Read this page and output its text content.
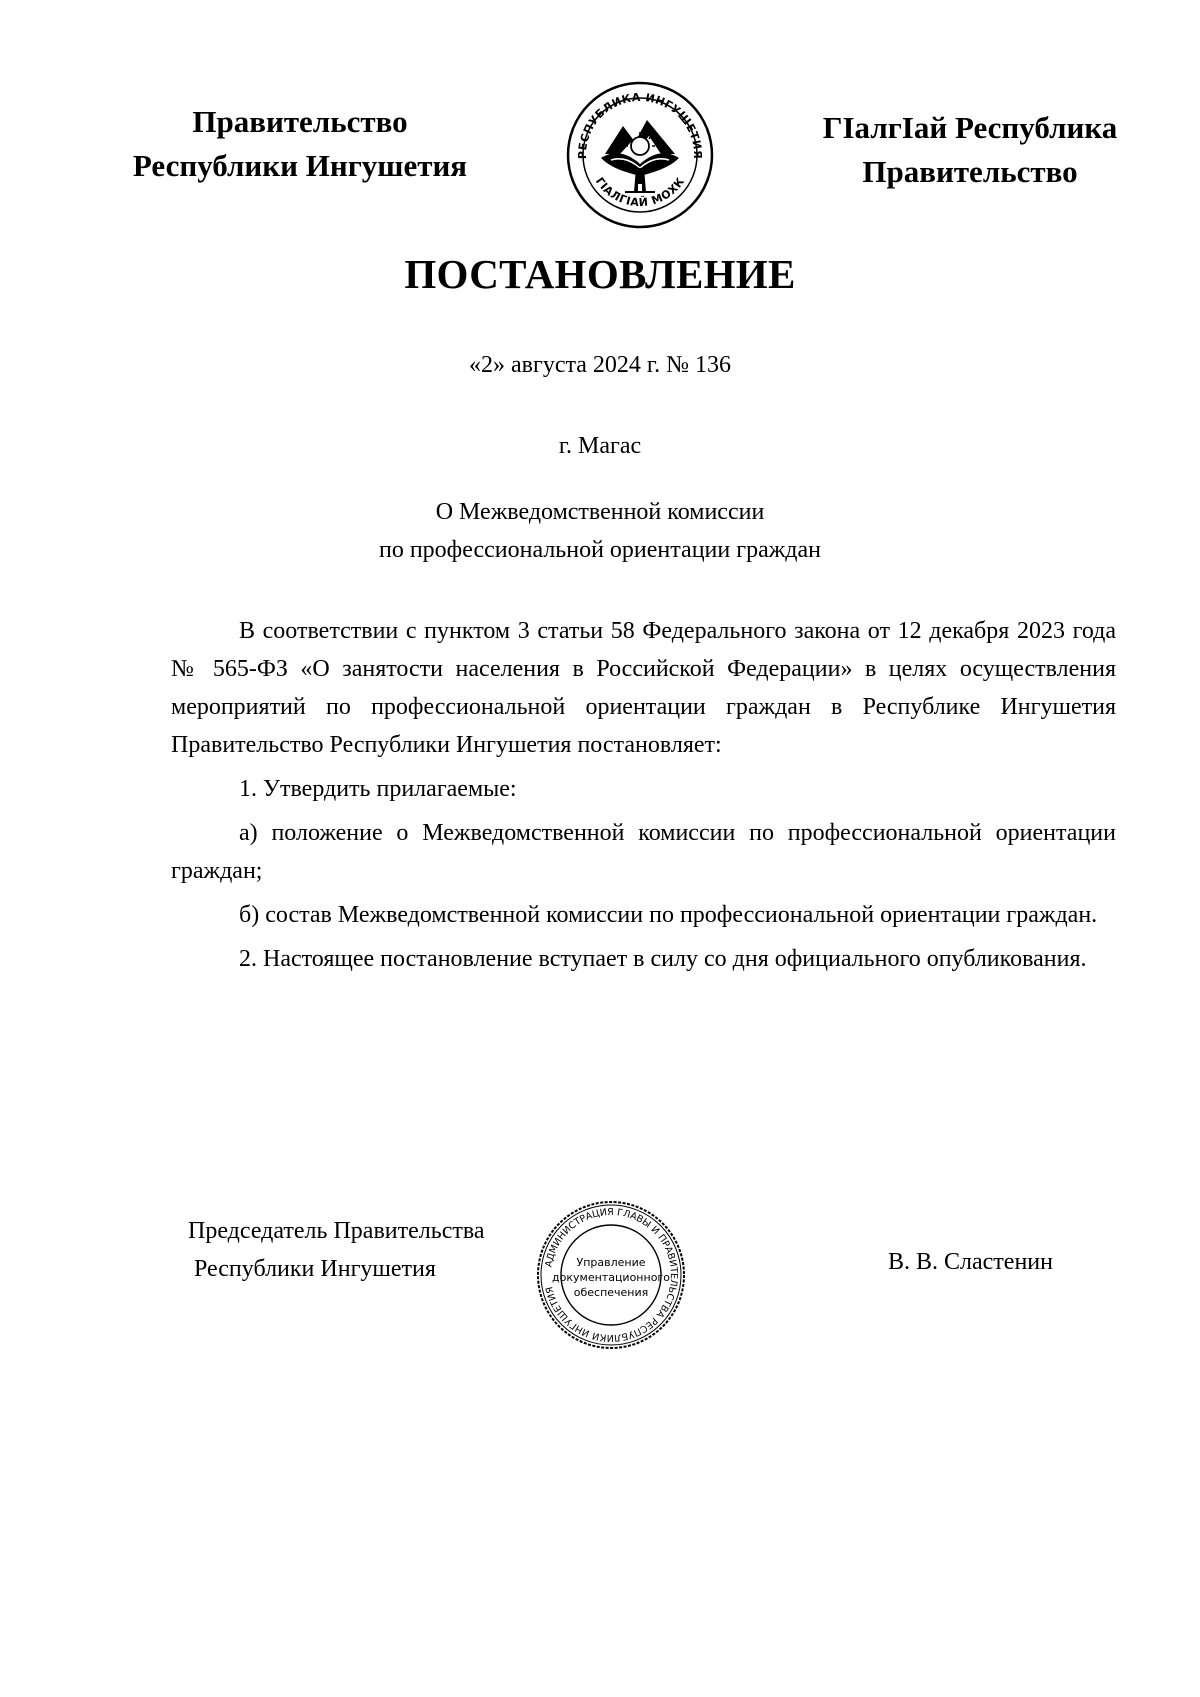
Правительство
Республики Ингушетия	РЕСПУБЛИКА ИНГУШЕТИЯ
ГIАЛГIАЙ МОХК
ГIалгIай Республика
Правительство
ПОСТАНОВЛЕНИЕ
«2» августа 2024 г. № 136
г. Магас
О Межведомственной комиссии
по профессиональной ориентации граждан

В соответствии с пунктом 3 статьи 58 Федерального закона от 12 декабря 2023 года № 565-ФЗ «О занятости населения в Российской Федерации» в целях осуществления мероприятий по профессиональной ориентации граждан в Республике Ингушетия Правительство Республики Ингушетия постановляет:

1. Утвердить прилагаемые:

а) положение о Межведомственной комиссии по профессиональной ориентации граждан;

б) состав Межведомственной комиссии по профессиональной ориентации граждан.

2. Настоящее постановление вступает в силу со дня официального опубликования.

Председатель Правительства
Республики Ингушетия	АДМИНИСТРАЦИЯ ГЛАВЫ И ПРАВИТЕЛЬСТВА РЕСПУБЛИКИ ИНГУШЕТИЯ
Управление
документационного
обеспечения
В. В. Сластенин
